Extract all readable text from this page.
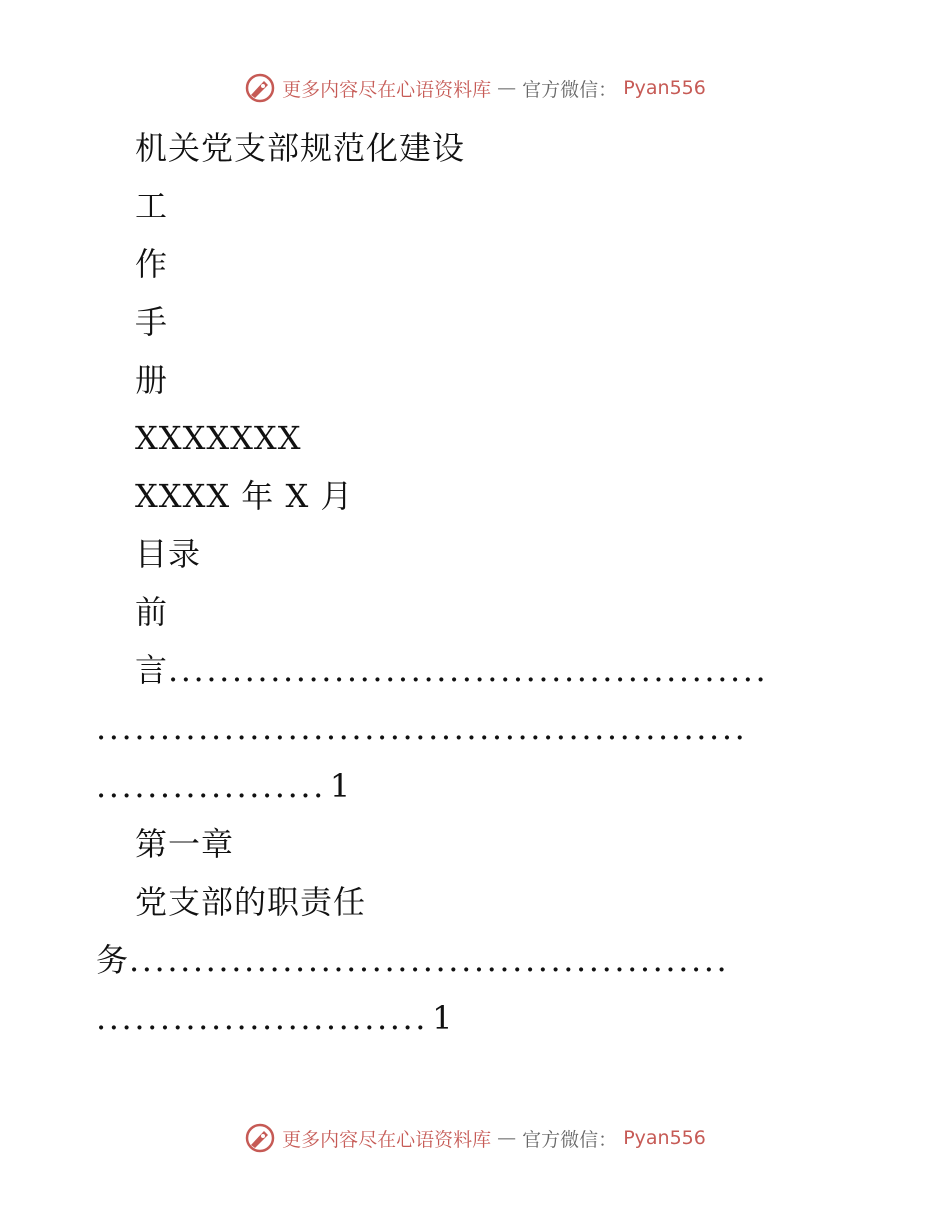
更多内容尽在心语资料库 — 官方微信： Pyan556
机关党支部规范化建设
工
作
手
册
XXXXXXX
XXXX 年 X 月
目录
前
言...............................................
...................................................
.................. 1
第一章
党支部的职责任
务...............................................
.......................... 1
更多内容尽在心语资料库 — 官方微信： Pyan556
